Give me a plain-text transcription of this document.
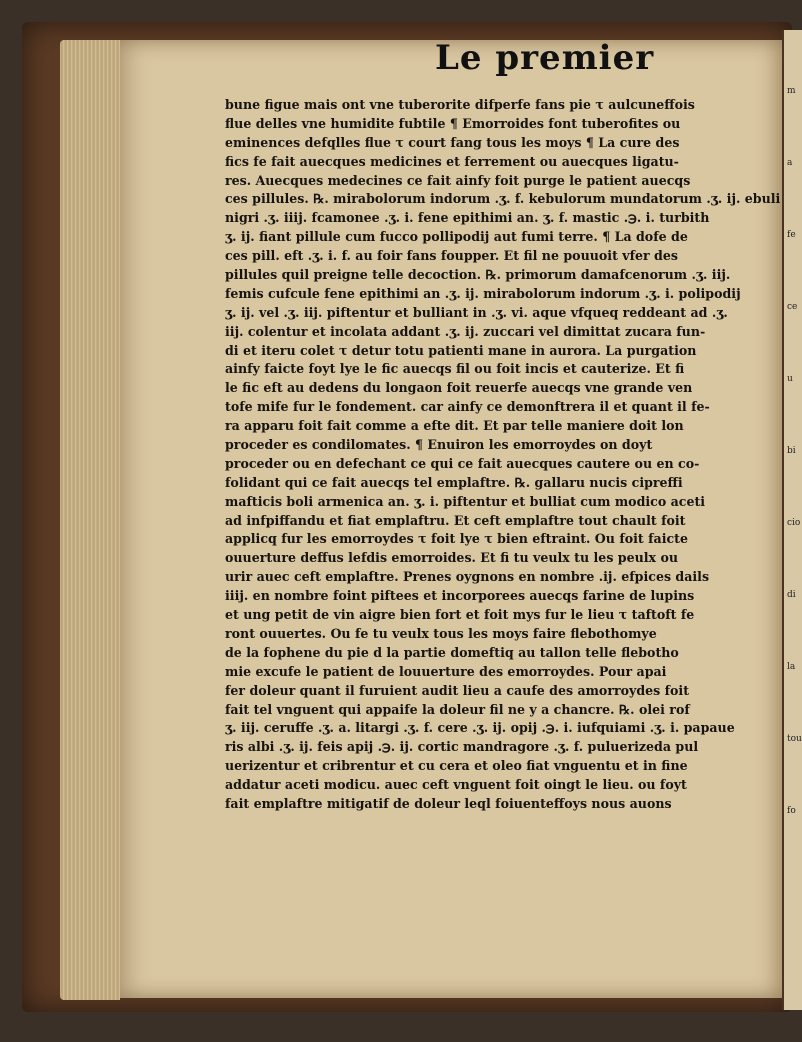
m
a
fe
ce
u
bi
cio
di
la
tou
fo
Le premier
bune figue mais ont vne tuberorite difperfe fans pie τ aulcuneffois
flue delles vne humidite fubtile ¶ Emorroides font tuberofites ou
eminences defqlles flue τ court fang tous les moys ¶ La cure des
fics fe fait auecques medicines et ferrement ou auecques ligatu-
res. Auecques medecines ce fait ainfy foit purge le patient auecqs
ces pillules. ℞. mirabolorum indorum .ʒ. f. kebulorum mundatorum .ʒ. ij. ebuli
nigri .ʒ. iiij. fcamonee .ʒ. i. fene epithimi an. ʒ. f. mastic .℈. i. turbith
ʒ. ij. fiant pillule cum fucco pollipodij aut fumi terre. ¶ La dofe de
ces pill. eft .ʒ. i. f. au foir fans foupper. Et fil ne pouuoit vfer des
pillules quil preigne telle decoction. ℞. primorum damafcenorum .ʒ. iij.
femis cufcule fene epithimi an .ʒ. ij. mirabolorum indorum .ʒ. i. polipodij
ʒ. ij. vel .ʒ. iij. piftentur et bulliant in .ʒ. vi. aque vfqueq reddeant ad .ʒ.
iij. colentur et incolata addant .ʒ. ij. zuccari vel dimittat zucara fun-
di et iteru colet τ detur totu patienti mane in aurora. La purgation
ainfy faicte foyt lye le fic auecqs fil ou foit incis et cauterize. Et fi
le fic eft au dedens du longaon foit reuerfe auecqs vne grande ven
tofe mife fur le fondement. car ainfy ce demonftrera il et quant il fe-
ra apparu foit fait comme a efte dit. Et par telle maniere doit lon
proceder es condilomates. ¶ Enuiron les emorroydes on doyt
proceder ou en defechant ce qui ce fait auecques cautere ou en co-
folidant qui ce fait auecqs tel emplaftre. ℞. gallaru nucis cipreffi
mafticis boli armenica an. ʒ. i. piftentur et bulliat cum modico aceti
ad infpiffandu et fiat emplaftru. Et ceft emplaftre tout chault foit
applicq fur les emorroydes τ foit lye τ bien eftraint. Ou foit faicte
ouuerture deffus lefdis emorroides. Et fi tu veulx tu les peulx ou
urir auec ceft emplaftre. Prenes oygnons en nombre .ij. efpices dails
iiij. en nombre foint piftees et incorporees auecqs farine de lupins
et ung petit de vin aigre bien fort et foit mys fur le lieu τ taftoft fe
ront ouuertes. Ou fe tu veulx tous les moys faire flebothomye
de la fophene du pie d la partie domeftiq au tallon telle flebotho
mie excufe le patient de louuerture des emorroydes. Pour apai
fer doleur quant il furuient audit lieu a caufe des amorroydes foit
fait tel vnguent qui appaife la doleur fil ne y a chancre. ℞. olei rof
ʒ. iij. ceruffe .ʒ. a. litargi .ʒ. f. cere .ʒ. ij. opij .℈. i. iufquiami .ʒ. i. papaue
ris albi .ʒ. ij. feis apij .℈. ij. cortic mandragore .ʒ. f. puluerizeda pul
uerizentur et cribrentur et cu cera et oleo fiat vnguentu et in fine
addatur aceti modicu. auec ceft vnguent foit oingt le lieu. ou foyt
fait emplaftre mitigatif de doleur leql foiuenteffoys nous auons
